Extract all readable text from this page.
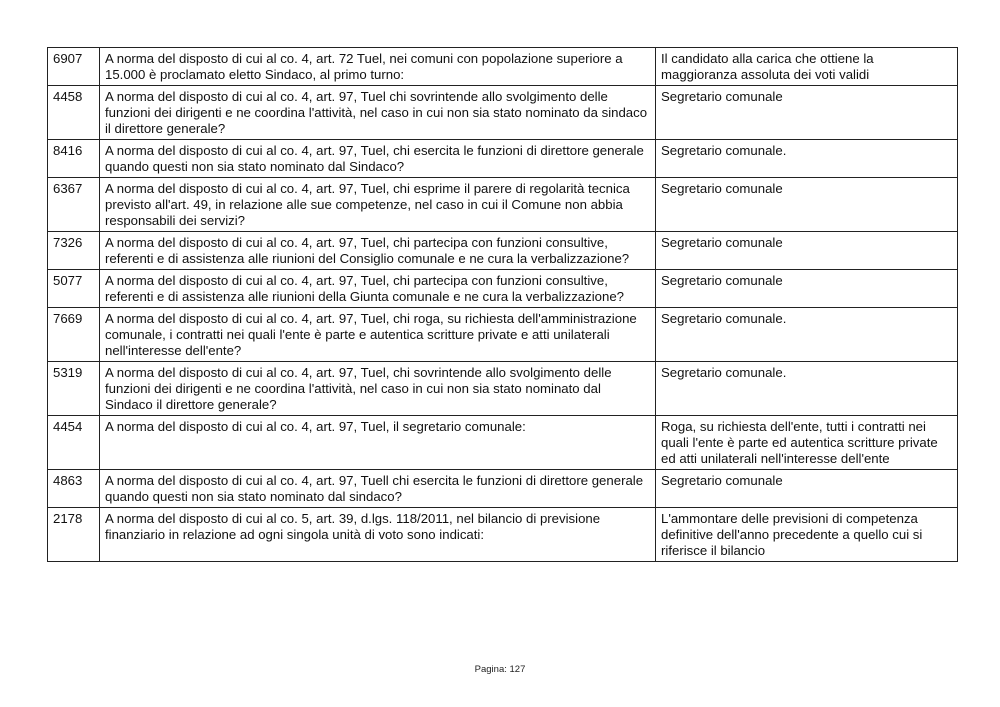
6907	A norma del disposto di cui al co. 4, art. 72 Tuel, nei comuni con popolazione superiore a 15.000 è proclamato eletto Sindaco, al primo turno:	Il candidato alla carica che ottiene la maggioranza assoluta dei voti validi
4458	A norma del disposto di cui al co. 4, art. 97, Tuel chi sovrintende allo svolgimento delle funzioni dei dirigenti e ne coordina l'attività, nel caso in cui non sia stato nominato da sindaco il direttore generale?	Segretario comunale
8416	A norma del disposto di cui al co. 4, art. 97, Tuel, chi esercita le funzioni di direttore generale quando questi non sia stato nominato dal Sindaco?	Segretario comunale.
6367	A norma del disposto di cui al co. 4, art. 97, Tuel, chi esprime il parere di regolarità tecnica previsto all'art. 49, in relazione alle sue competenze, nel caso in cui il Comune non abbia responsabili dei servizi?	Segretario comunale
7326	A norma del disposto di cui al co. 4, art. 97, Tuel, chi partecipa con funzioni consultive, referenti e di assistenza alle riunioni del Consiglio comunale e ne cura la verbalizzazione?	Segretario comunale
5077	A norma del disposto di cui al co. 4, art. 97, Tuel, chi partecipa con funzioni consultive, referenti e di assistenza alle riunioni della Giunta comunale e ne cura la verbalizzazione?	Segretario comunale
7669	A norma del disposto di cui al co. 4, art. 97, Tuel, chi roga, su richiesta dell'amministrazione comunale, i contratti nei quali l'ente è parte e autentica scritture private e atti unilaterali nell'interesse dell'ente?	Segretario comunale.
5319	A norma del disposto di cui al co. 4, art. 97, Tuel, chi sovrintende allo svolgimento delle funzioni dei dirigenti e ne coordina l'attività, nel caso in cui non sia stato nominato dal Sindaco il direttore generale?	Segretario comunale.
4454	A norma del disposto di cui al co. 4, art. 97, Tuel, il segretario comunale:	Roga, su richiesta dell'ente, tutti i contratti nei quali l'ente è parte ed autentica scritture private ed atti unilaterali nell'interesse dell'ente
4863	A norma del disposto di cui al co. 4, art. 97, Tuell chi esercita le funzioni di direttore generale quando questi non sia stato nominato dal sindaco?	Segretario comunale
2178	A norma del disposto di cui al co. 5, art. 39, d.lgs. 118/2011, nel bilancio di previsione finanziario in relazione ad ogni singola unità di voto sono indicati:	L'ammontare delle previsioni di competenza definitive dell'anno precedente a quello cui si riferisce il bilancio
Pagina: 127
